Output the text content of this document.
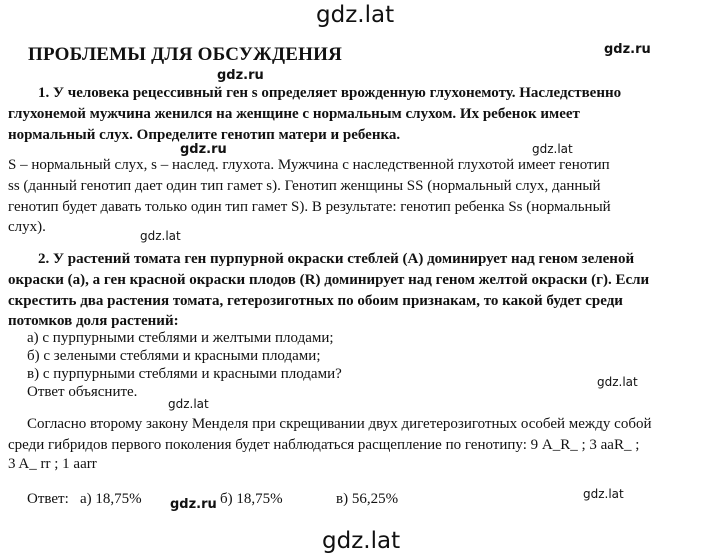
gdz.lat
gdz.ru
gdz.ru
gdz.ru	gdz.lat
gdz.lat
gdz.lat
gdz.lat
gdz.ru
gdz.lat
gdz.lat
ПРОБЛЕМЫ ДЛЯ ОБСУЖДЕНИЯ
1. У человека рецессивный ген s определяет врожденную глухонемоту. Наследственно
глухонемой мужчина женился на женщине с нормальным слухом. Их ребенок имеет
нормальный слух. Определите генотип матери и ребенка.
S – нормальный слух, s – наслед. глухота. Мужчина с наследственной глухотой имеет генотип
ss (данный генотип дает один тип гамет s). Генотип женщины SS (нормальный слух, данный
генотип будет давать только один тип гамет S). В результате: генотип ребенка Ss (нормальный
слух).
2. У растений томата ген пурпурной окраски стеблей (А) доминирует над геном зеленой
окраски (а), а ген красной окраски плодов (R) доминирует над геном желтой окраски (г). Если
скрестить два растения томата, гетерозиготных по обоим признакам, то какой будет среди
потомков доля растений:
а) с пурпурными стеблями и желтыми плодами;
б) с зелеными стеблями и красными плодами;
в) с пурпурными стеблями и красными плодами?
Ответ объясните.
Согласно второму закону Менделя при скрещивании двух дигетерозиготных особей между собой
среди гибридов первого поколения будет наблюдаться расщепление по генотипу: 9 A_R_ ; 3 aaR_ ;
3 A_ rr ; 1 aarr
Ответ: а) 18,75%	б) 18,75%	в) 56,25%
